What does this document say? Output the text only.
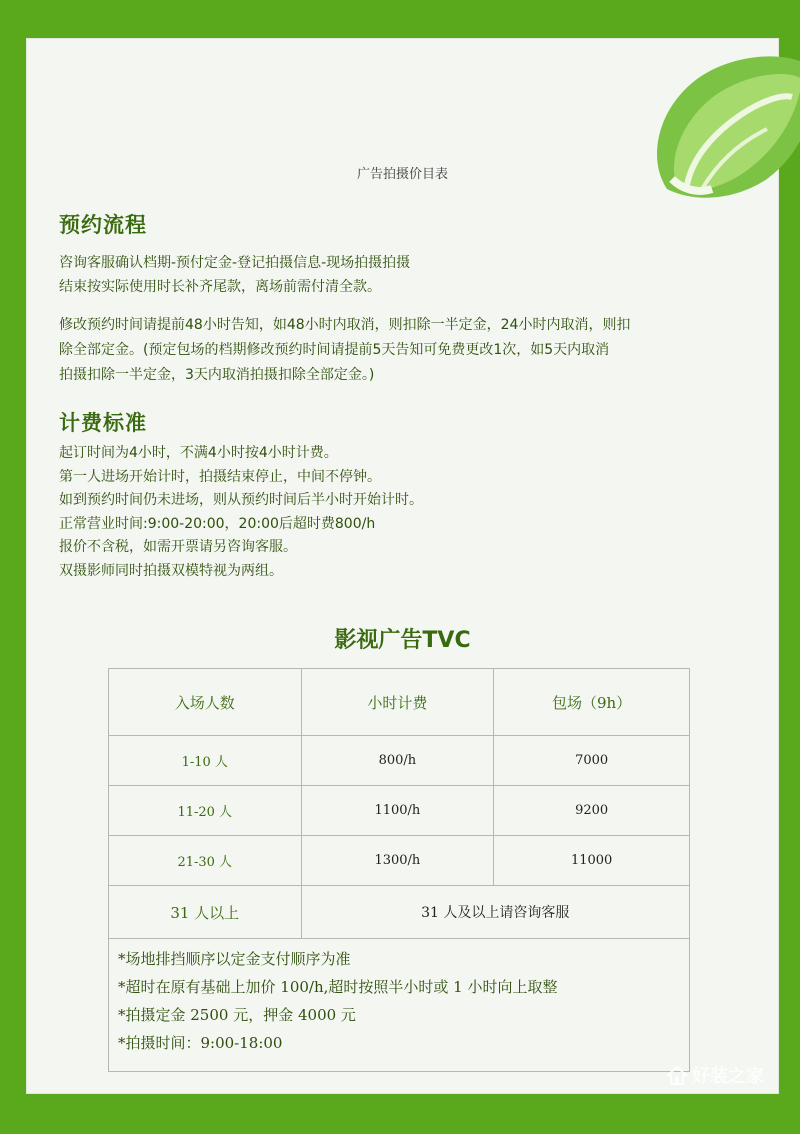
广告拍摄价目表
预约流程
咨询客服确认档期-预付定金-登记拍摄信息-现场拍摄拍摄
结束按实际使用时长补齐尾款，离场前需付清全款。
修改预约时间请提前48小时告知，如48小时内取消，则扣除一半定金，24小时内取消，则扣
除全部定金。(预定包场的档期修改预约时间请提前5天告知可免费更改1次，如5天内取消
拍摄扣除一半定金，3天内取消拍摄扣除全部定金。)
计费标准
起订时间为4小时，不满4小时按4小时计费。
第一人进场开始计时，拍摄结束停止，中间不停钟。
如到预约时间仍未进场，则从预约时间后半小时开始计时。
正常营业时间:9:00-20:00，20:00后超时费800/h
报价不含税，如需开票请另咨询客服。
双摄影师同时拍摄双模特视为两组。
影视广告TVC
入场人数	小时计费	包场（9h）
1-10 人	800/h	7000
11-20 人	1100/h	9200
21-30 人	1300/h	11000
31 人以上	31 人及以上请咨询客服	

*场地排挡顺序以定金支付顺序为准
*超时在原有基础上加价 100/h,超时按照半小时或 1 小时向上取整
*拍摄定金 2500 元，押金 4000 元
*拍摄时间：9:00-18:00		
好装之家
